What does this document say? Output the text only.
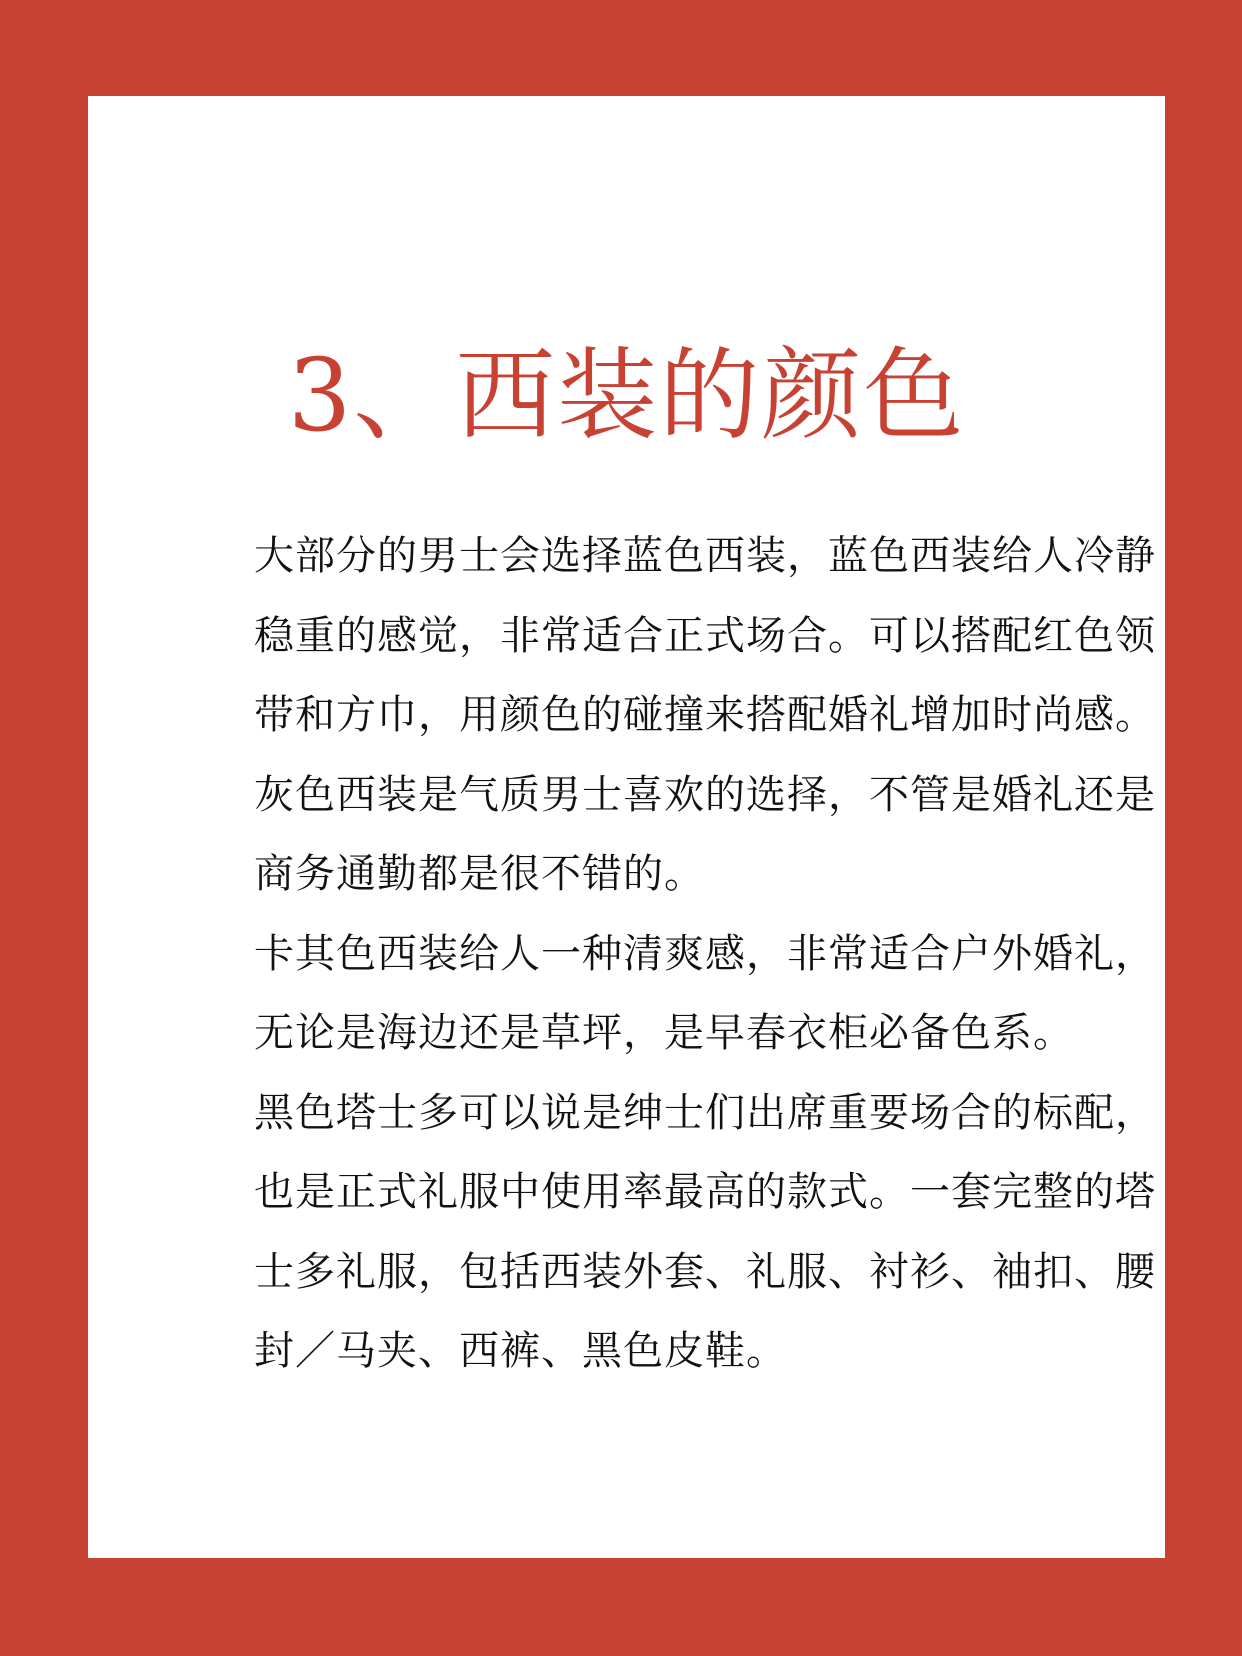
3、西装的颜色

大部分的男士会选择蓝色西装，蓝色西装给人冷静稳重的感觉，非常适合正式场合。可以搭配红色领带和方巾，用颜色的碰撞来搭配婚礼增加时尚感。

灰色西装是气质男士喜欢的选择，不管是婚礼还是商务通勤都是很不错的。

卡其色西装给人一种清爽感，非常适合户外婚礼，无论是海边还是草坪，是早春衣柜必备色系。

黑色塔士多可以说是绅士们出席重要场合的标配，也是正式礼服中使用率最高的款式。一套完整的塔士多礼服，包括西装外套、礼服、衬衫、袖扣、腰封／马夹、西裤、黑色皮鞋。
